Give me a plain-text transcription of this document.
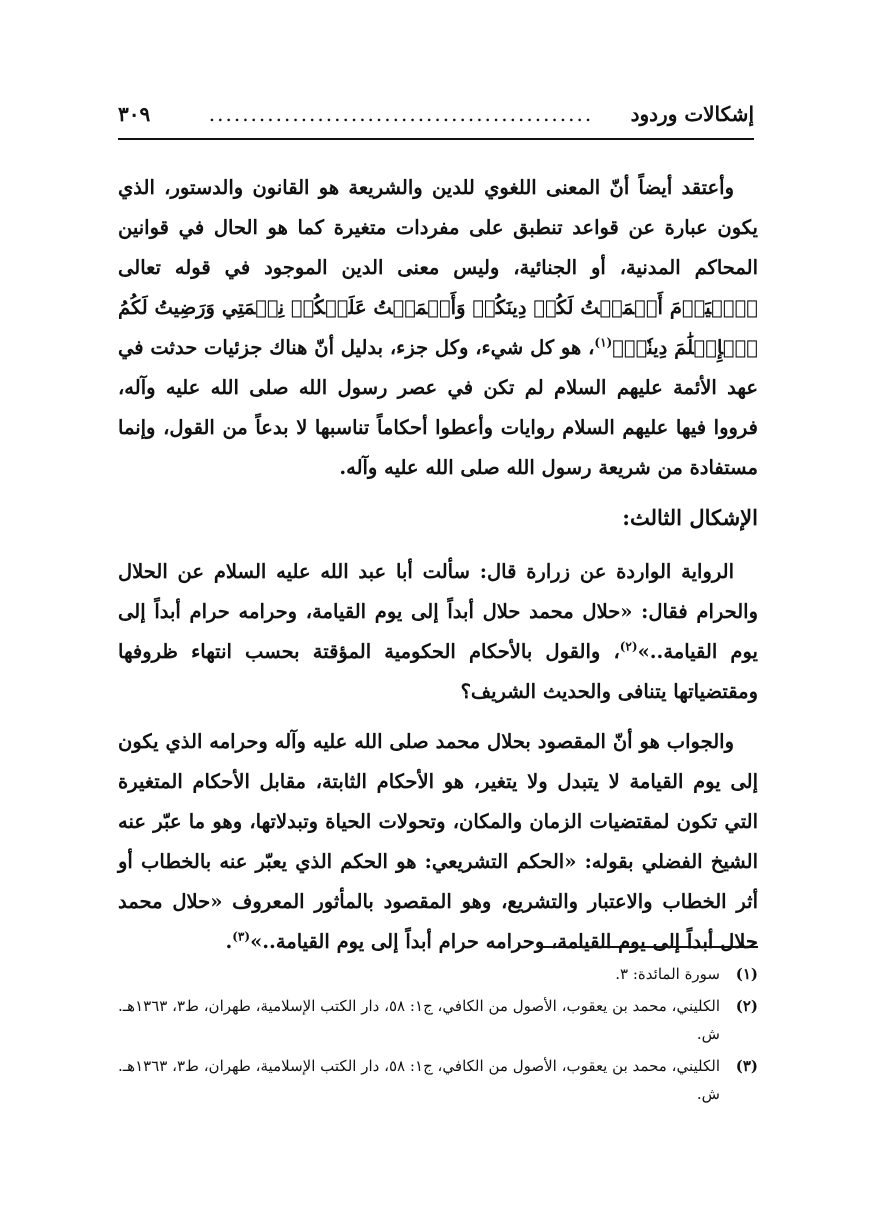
إشكالات وردود
..............................................
٣٠٩

وأعتقد أيضاً أنّ المعنى اللغوي للدين والشريعة هو القانون والدستور، الذي يكون عبارة عن قواعد تنطبق على مفردات متغيرة كما هو الحال في قوانين المحاكم المدنية، أو الجنائية، وليس معنى الدين الموجود في قوله تعالى ﴿ٱلۡيَوۡمَ أَكۡمَلۡتُ لَكُمۡ دِينَكُمۡ وَأَتۡمَمۡتُ عَلَيۡكُمۡ نِعۡمَتِي وَرَضِيتُ لَكُمُ ٱلۡإِسۡلَٰمَ دِينٗاۚ﴾$^{(١)}$، هو كل شيء، وكل جزء، بدليل أنّ هناك جزئيات حدثت في عهد الأئمة عليهم السلام لم تكن في عصر رسول الله صلى الله عليه وآله، فرووا فيها عليهم السلام روايات وأعطوا أحكاماً تناسبها لا بدعاً من القول، وإنما مستفادة من شريعة رسول الله صلى الله عليه وآله.

الإشكال الثالث:

الرواية الواردة عن زرارة قال: سألت أبا عبد الله عليه السلام عن الحلال والحرام فقال: «حلال محمد حلال أبداً إلى يوم القيامة، وحرامه حرام أبداً إلى يوم القيامة..»$^{(٢)}$، والقول بالأحكام الحكومية المؤقتة بحسب انتهاء ظروفها ومقتضياتها يتنافى والحديث الشريف؟

والجواب هو أنّ المقصود بحلال محمد صلى الله عليه وآله وحرامه الذي يكون إلى يوم القيامة لا يتبدل ولا يتغير، هو الأحكام الثابتة، مقابل الأحكام المتغيرة التي تكون لمقتضيات الزمان والمكان، وتحولات الحياة وتبدلاتها، وهو ما عبّر عنه الشيخ الفضلي بقوله: «الحكم التشريعي: هو الحكم الذي يعبّر عنه بالخطاب أو أثر الخطاب والاعتبار والتشريع، وهو المقصود بالمأثور المعروف «حلال محمد حلال أبداً إلى يوم القيامة، وحرامه حرام أبداً إلى يوم القيامة..»$^{(٣)}$.

(١)
سورة المائدة: ٣.
(٢)
الكليني، محمد بن يعقوب، الأصول من الكافي، ج١: ٥٨، دار الكتب الإسلامية، طهران، ط٣، ١٣٦٣هـ. ش.
(٣)
الكليني، محمد بن يعقوب، الأصول من الكافي، ج١: ٥٨، دار الكتب الإسلامية، طهران، ط٣، ١٣٦٣هـ. ش.
